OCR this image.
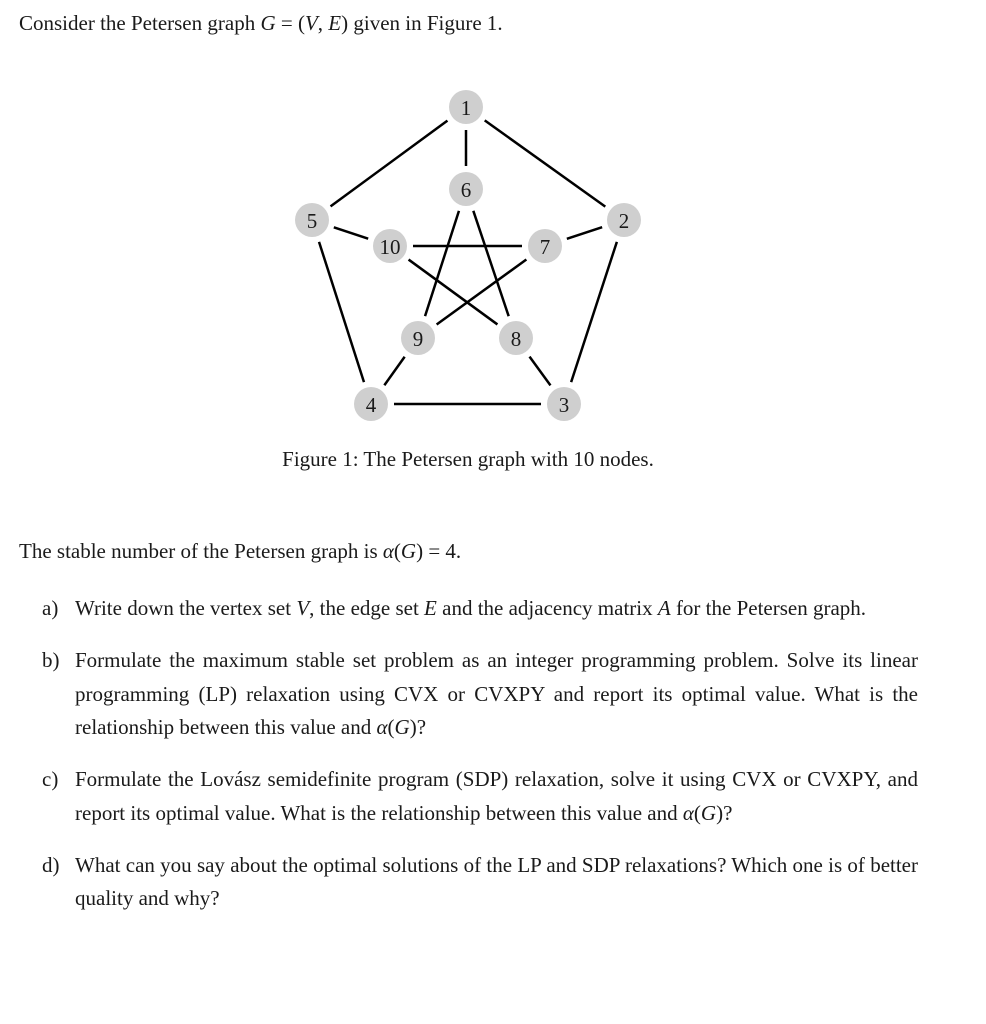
Consider the Petersen graph G = (V, E) given in Figure 1.
1
2
3
4
5
6
7
8
9
10
Figure 1: The Petersen graph with 10 nodes.
The stable number of the Petersen graph is α(G) = 4.
a) Write down the vertex set V, the edge set E and the adjacency matrix A for the Petersen graph.
b) Formulate the maximum stable set problem as an integer programming problem. Solve its linear programming (LP) relaxation using CVX or CVXPY and report its optimal value. What is the relationship between this value and α(G)?
c) Formulate the Lovász semidefinite program (SDP) relaxation, solve it using CVX or CVXPY, and report its optimal value. What is the relationship between this value and α(G)?
d) What can you say about the optimal solutions of the LP and SDP relaxations? Which one is of better quality and why?
